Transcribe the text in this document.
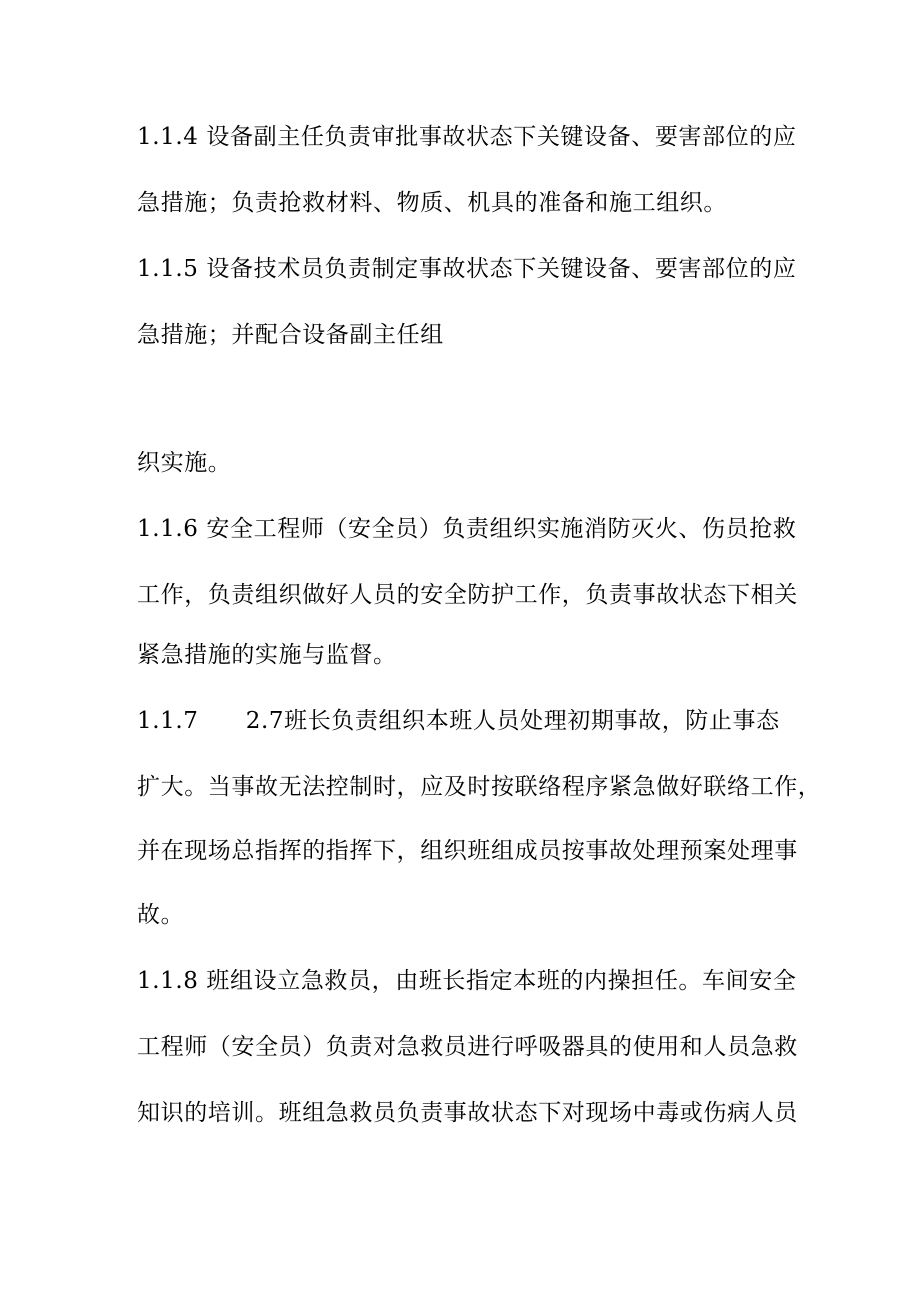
1.1.4 设备副主任负责审批事故状态下关键设备、要害部位的应
急措施；负责抢救材料、物质、机具的准备和施工组织。
1.1.5 设备技术员负责制定事故状态下关键设备、要害部位的应
急措施；并配合设备副主任组
织实施。
1.1.6 安全工程师（安全员）负责组织实施消防灭火、伤员抢救
工作，负责组织做好人员的安全防护工作，负责事故状态下相关
紧急措施的实施与监督。
1.1.7　　2.7班长负责组织本班人员处理初期事故，防止事态
扩大。当事故无法控制时，应及时按联络程序紧急做好联络工作，
并在现场总指挥的指挥下，组织班组成员按事故处理预案处理事
故。
1.1.8 班组设立急救员，由班长指定本班的内操担任。车间安全
工程师（安全员）负责对急救员进行呼吸器具的使用和人员急救
知识的培训。班组急救员负责事故状态下对现场中毒或伤病人员
